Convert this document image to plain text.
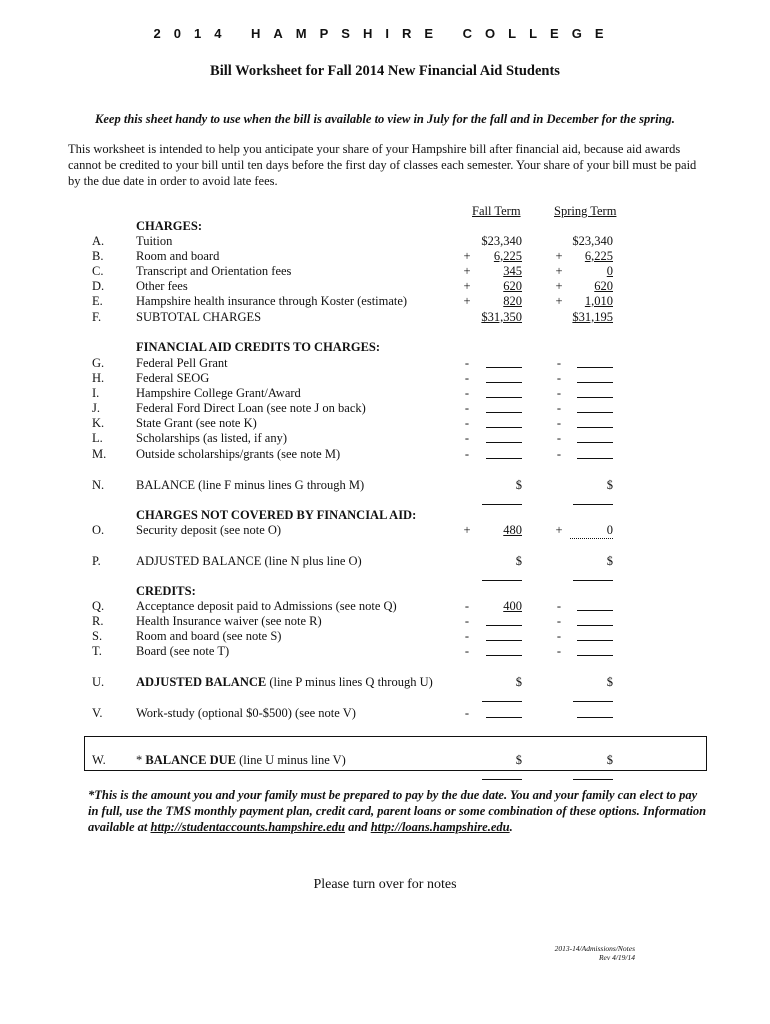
2014 HAMPSHIRE COLLEGE
Bill Worksheet for Fall 2014 New Financial Aid Students
Keep this sheet handy to use when the bill is available to view in July for the fall and in December for the spring.
This worksheet is intended to help you anticipate your share of your Hampshire bill after financial aid, because aid awards cannot be credited to your bill until ten days before the first day of classes each semester. Your share of your bill must be paid by the due date in order to avoid late fees.
Fall Term	Spring Term
CHARGES:
A.	Tuition	$23,340	$23,340
B.	Room and board	+	6,225	+	6,225
C.	Transcript and Orientation fees	+	345	+	0
D.	Other fees	+	620	+	620
E.	Hampshire health insurance through Koster (estimate)	+	820	+	1,010
F.	SUBTOTAL CHARGES	$31,350	$31,195
FINANCIAL AID CREDITS TO CHARGES:
G.	Federal Pell Grant	-	-
H.	Federal SEOG	-	-
I.	Hampshire College Grant/Award	-	-
J.	Federal Ford Direct Loan (see note J on back)	-	-
K.	State Grant (see note K)	-	-
L.	Scholarships (as listed, if any)	-	-
M. Outside scholarships/grants (see note M)	-	-
N.	BALANCE (line F minus lines G through M)	$	$
CHARGES NOT COVERED BY FINANCIAL AID:
O.	Security deposit (see note O)	+	480	+	0
P.	ADJUSTED BALANCE (line N plus line O)	$	$
CREDITS:
Q.	Acceptance deposit paid to Admissions (see note Q)	-	400	-
R.	Health Insurance waiver (see note R)	-	-
S.	Room and board (see note S)	-	-
T.	Board (see note T)	-	-
U.	ADJUSTED BALANCE (line P minus lines Q through U)	$	$
V.	Work-study (optional $0-$500) (see note V)	-
W. * BALANCE DUE (line U minus line V)	$	$
*This is the amount you and your family must be prepared to pay by the due date. You and your family can elect to pay in full, use the TMS monthly payment plan, credit card, parent loans or some combination of these options. Information available at http://studentaccounts.hampshire.edu and http://loans.hampshire.edu.
Please turn over for notes
2013-14/Admissions/Notes
Rev 4/19/14
